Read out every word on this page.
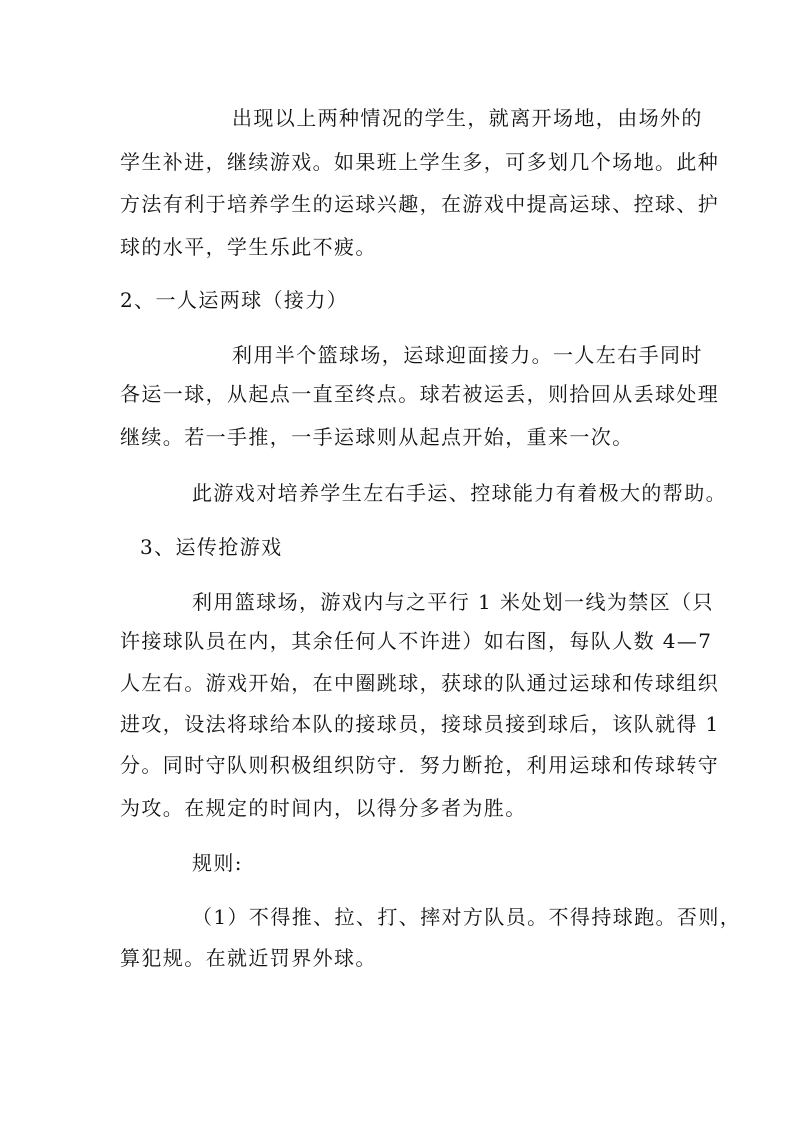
出现以上两种情况的学生，就离开场地，由场外的
学生补进，继续游戏。如果班上学生多，可多划几个场地。此种
方法有利于培养学生的运球兴趣，在游戏中提高运球、控球、护
球的水平，学生乐此不疲。
2、一人运两球（接力）
利用半个篮球场，运球迎面接力。一人左右手同时
各运一球，从起点一直至终点。球若被运丢，则拾回从丢球处理
继续。若一手推，一手运球则从起点开始，重来一次。
此游戏对培养学生左右手运、控球能力有着极大的帮助。
3、运传抢游戏
利用篮球场，游戏内与之平行 1 米处划一线为禁区（只
许接球队员在内，其余任何人不许进）如右图，每队人数 4—7
人左右。游戏开始，在中圈跳球，获球的队通过运球和传球组织
进攻，设法将球给本队的接球员，接球员接到球后，该队就得 1
分。同时守队则积极组织防守．努力断抢，利用运球和传球转守
为攻。在规定的时间内，以得分多者为胜。
规则:
（1）不得推、拉、打、摔对方队员。不得持球跑。否则，
算犯规。在就近罚界外球。
